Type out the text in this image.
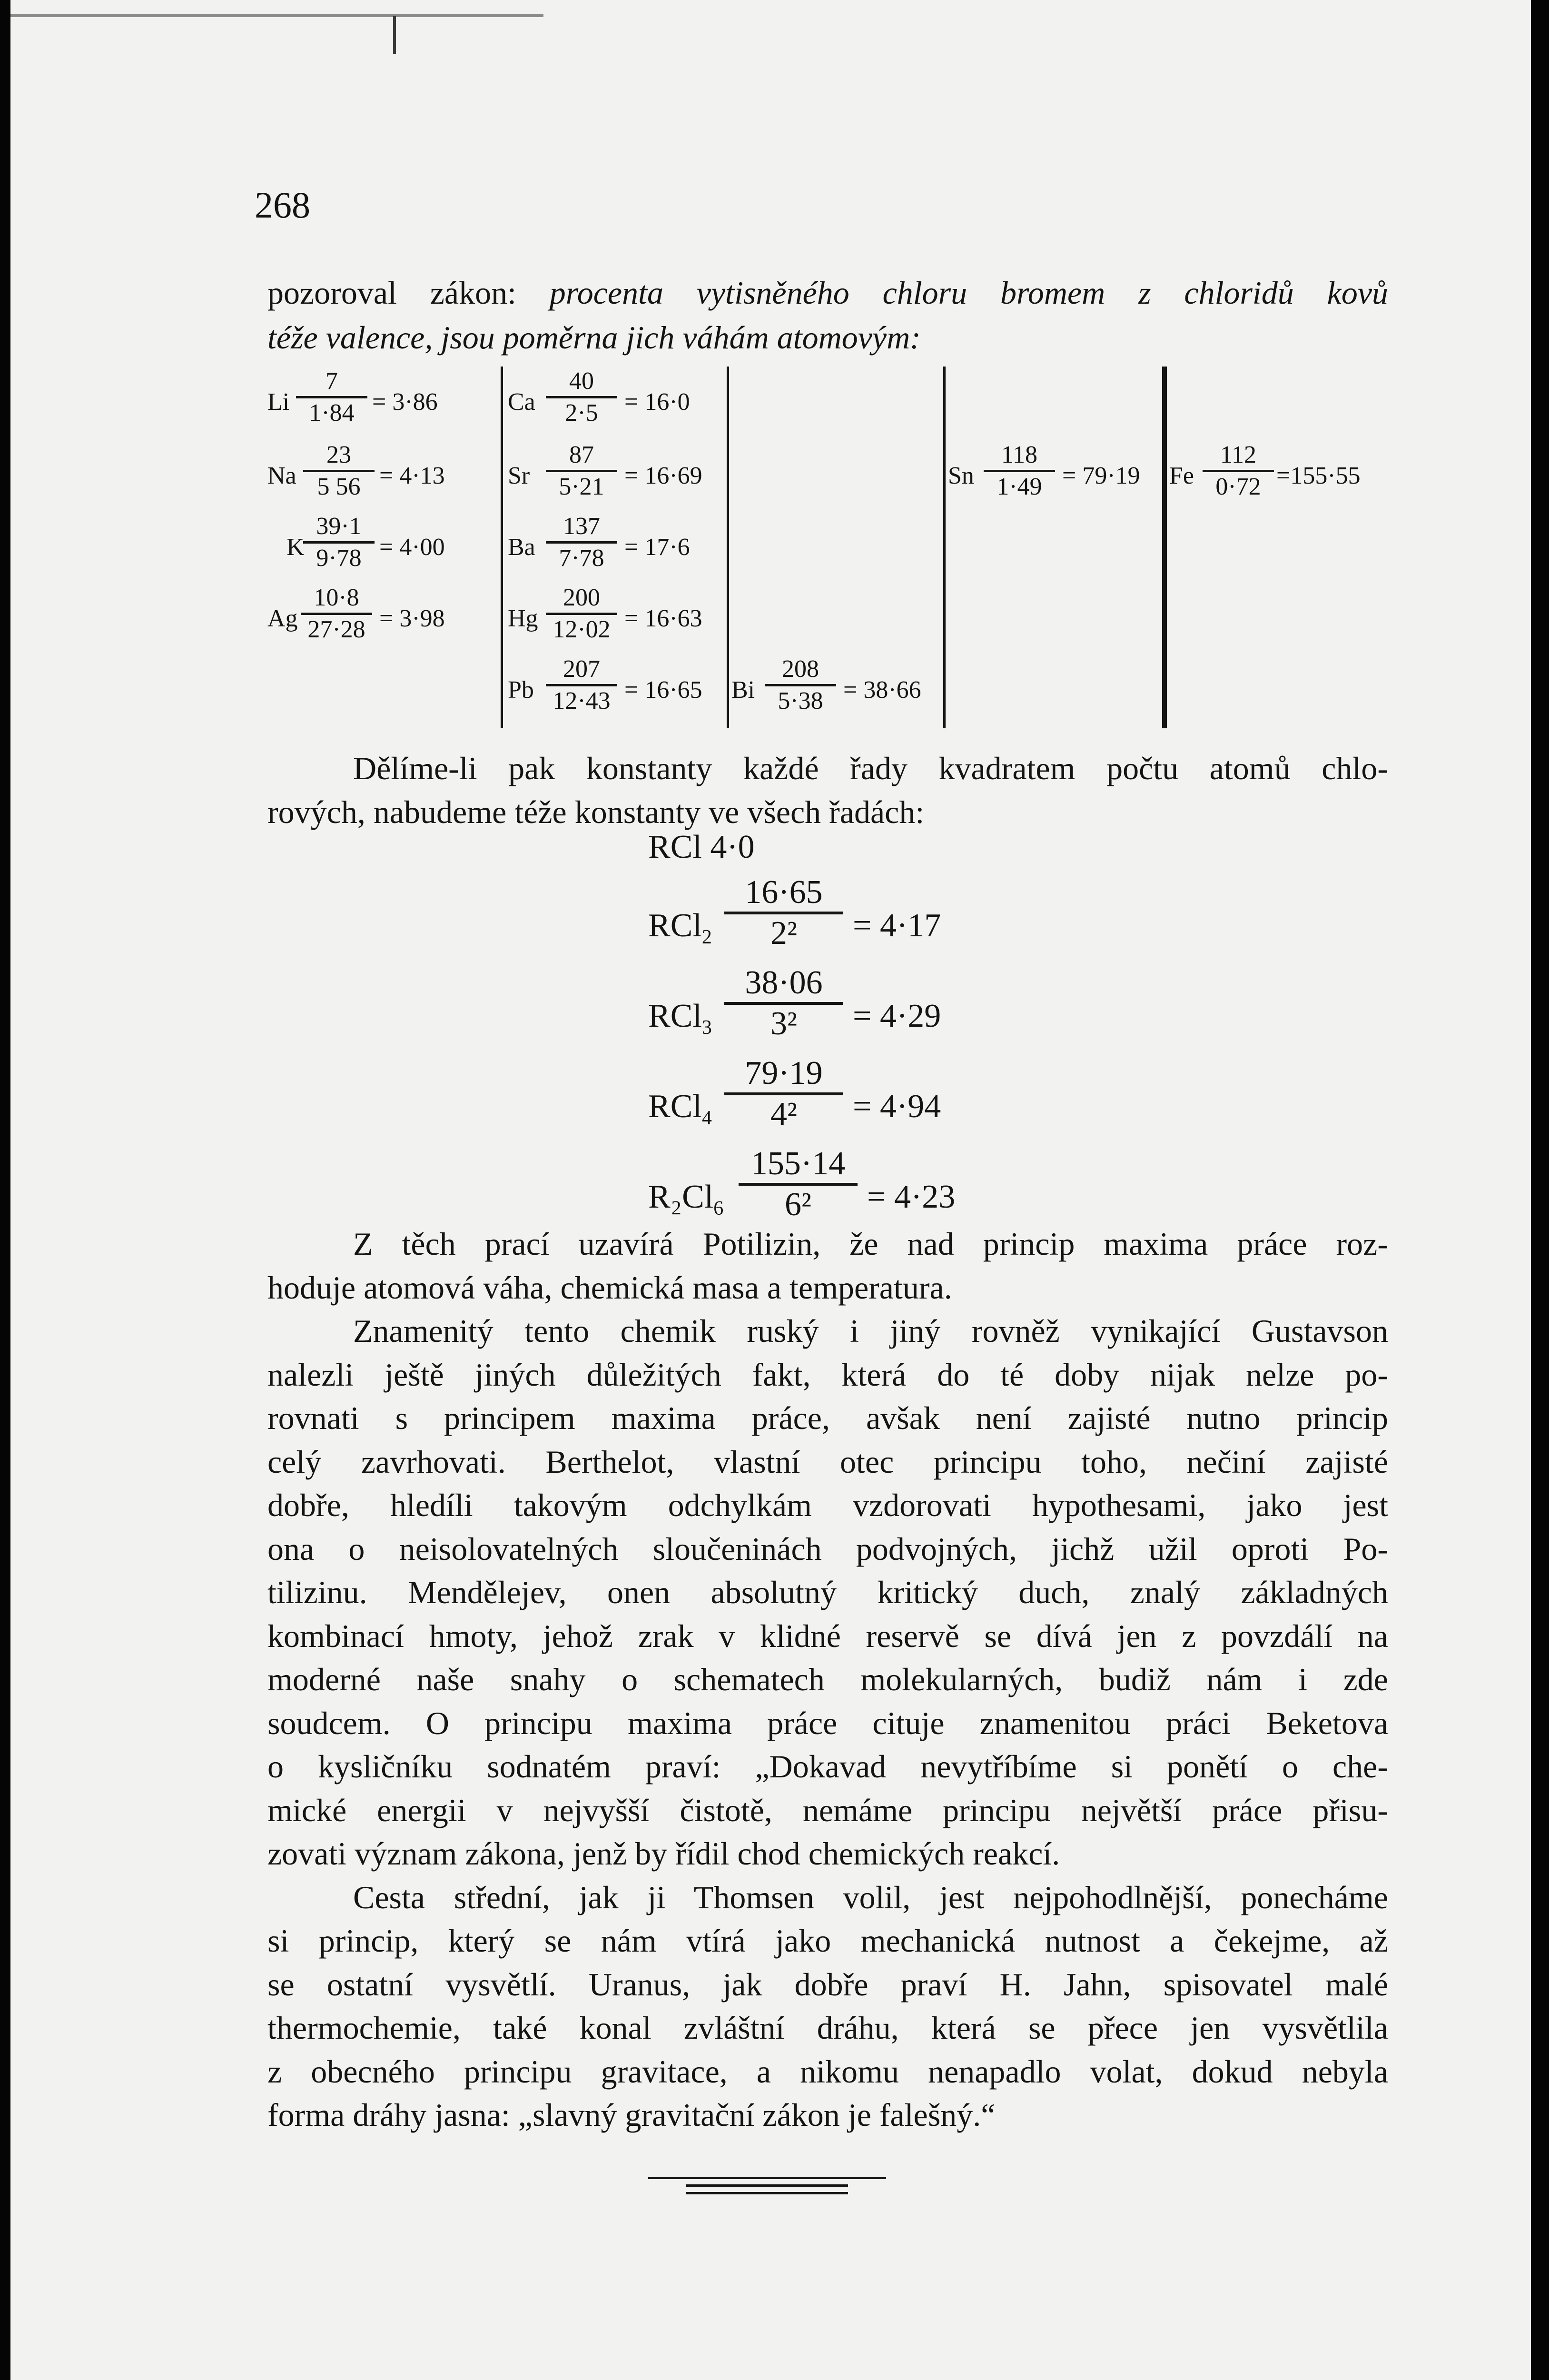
268
pozoroval zákon: procenta vytisněného chloru bromem z chloridů kovů
téže valence, jsou poměrna jich váhám atomovým:
Li $\frac{7}{1\cdot 84} = 3\cdot 86$
Na $\frac{23}{5 56} = 4\cdot 13$
K
$\frac{39\cdot 1}{9\cdot 78} = 4\cdot 00$
Ag $\frac{10\cdot 8}{27\cdot 28} = 3\cdot 98$
Ca $\frac{40}{2\cdot 5} = 16\cdot 0$
Sr $\frac{87}{5\cdot 21} = 16\cdot 69$
Ba $\frac{137}{7\cdot 78} = 17\cdot 6$
Hg $\frac{200}{12\cdot 02} = 16\cdot 63$
Pb $\frac{207}{12\cdot 43} = 16\cdot 65$ Bi $\frac{208}{5\cdot 38} = 38\cdot 66$
Sn $\frac{118}{1\cdot 49} = 79\cdot 19$ Fe $\frac{112}{0\cdot 72} =155\cdot 55$
Dělíme-li pak konstanty každé řady kvadratem počtu atomů chlo-
rových, nabudeme téže konstanty ve všech řadách:
RCl 4·0
$RCl_2 \frac{16\cdot 65}{\text{2²}} = 4\cdot 17$
$RCl_3 \frac{38\cdot 06}{\text{3²}} = 4\cdot 29$
$RCl_4 \frac{79\cdot 19}{\text{4²}} = 4\cdot 94$
$R_2Cl_6 \frac{155\cdot 14}{\text{6²}} = 4\cdot 23$
Z těch prací uzavírá Potilizin, že nad princip maxima práce roz-
hoduje atomová váha, chemická masa a temperatura.
Znamenitý tento chemik ruský i jiný rovněž vynikající Gustavson
nalezli ještě jiných důležitých fakt, která do té doby nijak nelze po-
rovnati s principem maxima práce, avšak není zajisté nutno princip
celý zavrhovati. Berthelot, vlastní otec principu toho, nečiní zajisté
dobře, hledíli takovým odchylkám vzdorovati hypothesami, jako jest
ona o neisolovatelných sloučeninách podvojných, jichž užil oproti Po-
tilizinu. Mendělejev, onen absolutný kritický duch, znalý základných
kombinací hmoty, jehož zrak v klidné reservě se dívá jen z povzdálí na
moderné naše snahy o schematech molekularných, budiž nám i zde
soudcem. O principu maxima práce cituje znamenitou práci Beketova
o kysličníku sodnatém praví: „Dokavad nevytříbíme si ponětí o che-
mické energii v nejvyšší čistotě, nemáme principu největší práce přisu-
zovati význam zákona, jenž by řídil chod chemických reakcí.
Cesta střední, jak ji Thomsen volil, jest nejpohodlnější, ponecháme
si princip, který se nám vtírá jako mechanická nutnost a čekejme, až
se ostatní vysvětlí. Uranus, jak dobře praví H. Jahn, spisovatel malé
thermochemie, také konal zvláštní dráhu, která se přece jen vysvětlila
z obecného principu gravitace, a nikomu nenapadlo volat, dokud nebyla
forma dráhy jasna: „slavný gravitační zákon je falešný.“
